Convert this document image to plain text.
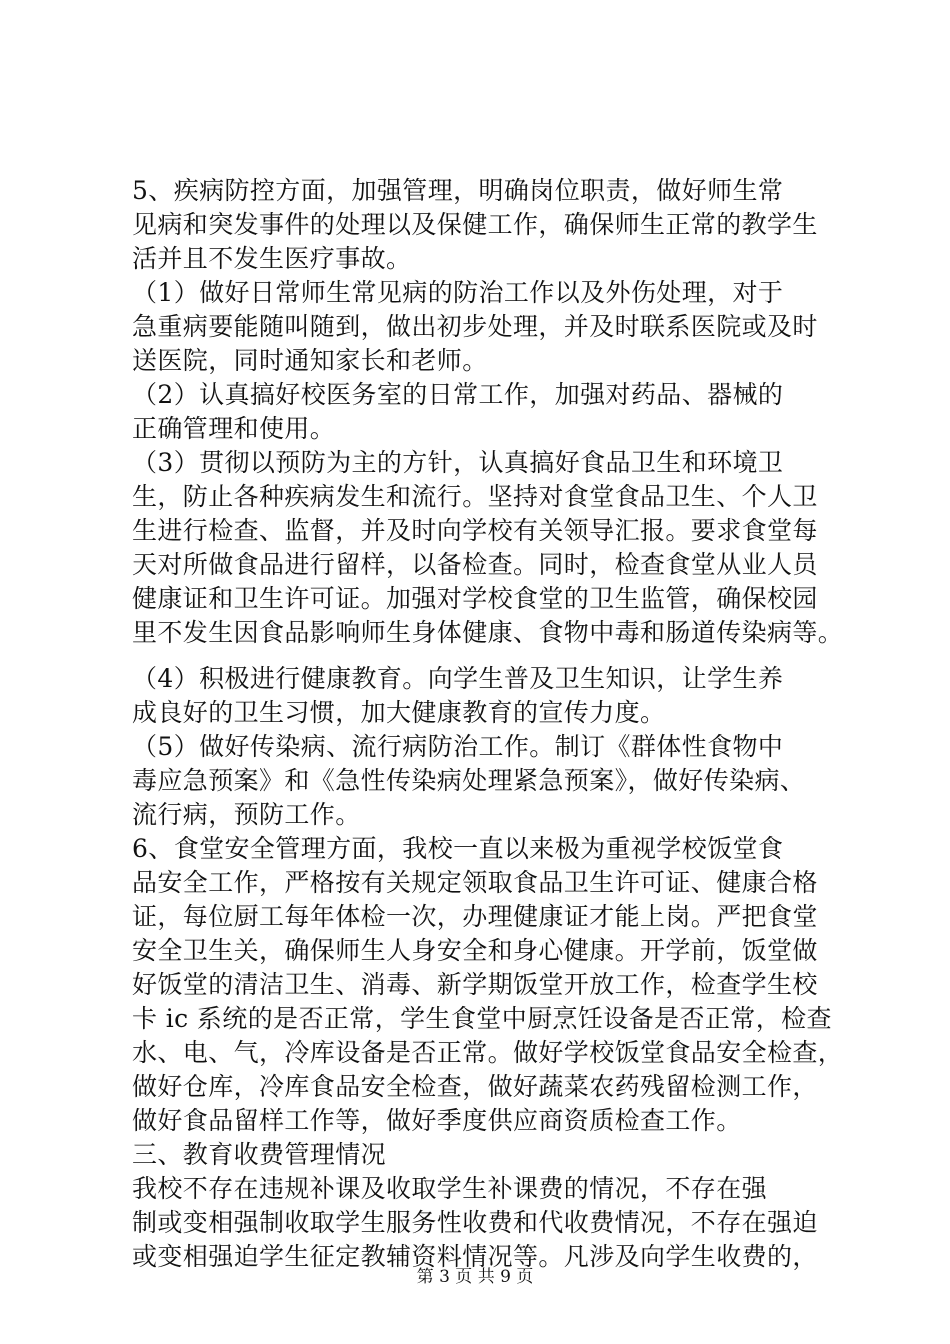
5、疾病防控方面，加强管理，明确岗位职责，做好师生常
见病和突发事件的处理以及保健工作，确保师生正常的教学生
活并且不发生医疗事故。
（1）做好日常师生常见病的防治工作以及外伤处理，对于
急重病要能随叫随到，做出初步处理，并及时联系医院或及时
送医院，同时通知家长和老师。
（2）认真搞好校医务室的日常工作，加强对药品、器械的
正确管理和使用。
（3）贯彻以预防为主的方针，认真搞好食品卫生和环境卫
生，防止各种疾病发生和流行。坚持对食堂食品卫生、个人卫
生进行检查、监督，并及时向学校有关领导汇报。要求食堂每
天对所做食品进行留样，以备检查。同时，检查食堂从业人员
健康证和卫生许可证。加强对学校食堂的卫生监管，确保校园
里不发生因食品影响师生身体健康、食物中毒和肠道传染病等。
（4）积极进行健康教育。向学生普及卫生知识，让学生养
成良好的卫生习惯，加大健康教育的宣传力度。
（5）做好传染病、流行病防治工作。制订《群体性食物中
毒应急预案》和《急性传染病处理紧急预案》，做好传染病、
流行病，预防工作。
6、食堂安全管理方面，我校一直以来极为重视学校饭堂食
品安全工作，严格按有关规定领取食品卫生许可证、健康合格
证，每位厨工每年体检一次，办理健康证才能上岗。严把食堂
安全卫生关，确保师生人身安全和身心健康。开学前，饭堂做
好饭堂的清洁卫生、消毒、新学期饭堂开放工作，检查学生校
卡 ic 系统的是否正常，学生食堂中厨烹饪设备是否正常，检查
水、电、气，冷库设备是否正常。做好学校饭堂食品安全检查，
做好仓库，冷库食品安全检查，做好蔬菜农药残留检测工作，
做好食品留样工作等，做好季度供应商资质检查工作。
三、教育收费管理情况
我校不存在违规补课及收取学生补课费的情况，不存在强
制或变相强制收取学生服务性收费和代收费情况，不存在强迫
或变相强迫学生征定教辅资料情况等。凡涉及向学生收费的，
第 3 页 共 9 页
